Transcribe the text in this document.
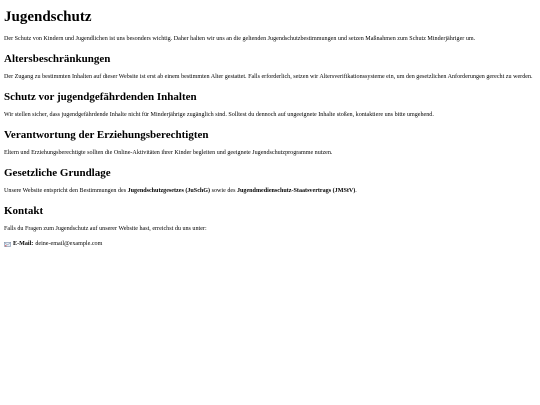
Jugendschutz

Der Schutz von Kindern und Jugendlichen ist uns besonders wichtig. Daher halten wir uns an die geltenden Jugendschutzbestimmungen und setzen Maßnahmen zum Schutz Minderjähriger um.

Altersbeschränkungen

Der Zugang zu bestimmten Inhalten auf dieser Website ist erst ab einem bestimmten Alter gestattet. Falls erforderlich, setzen wir Altersverifikationssysteme ein, um den gesetzlichen Anforderungen gerecht zu werden.

Schutz vor jugendgefährdenden Inhalten

Wir stellen sicher, dass jugendgefährdende Inhalte nicht für Minderjährige zugänglich sind. Solltest du dennoch auf ungeeignete Inhalte stoßen, kontaktiere uns bitte umgehend.

Verantwortung der Erziehungsberechtigten

Eltern und Erziehungsberechtigte sollten die Online-Aktivitäten ihrer Kinder begleiten und geeignete Jugendschutzprogramme nutzen.

Gesetzliche Grundlage

Unsere Website entspricht den Bestimmungen des Jugendschutzgesetzes (JuSchG) sowie des Jugendmedienschutz-Staatsvertrags (JMStV).

Kontakt

Falls du Fragen zum Jugendschutz auf unserer Website hast, erreichst du uns unter:

E-Mail: deine-email@example.com
